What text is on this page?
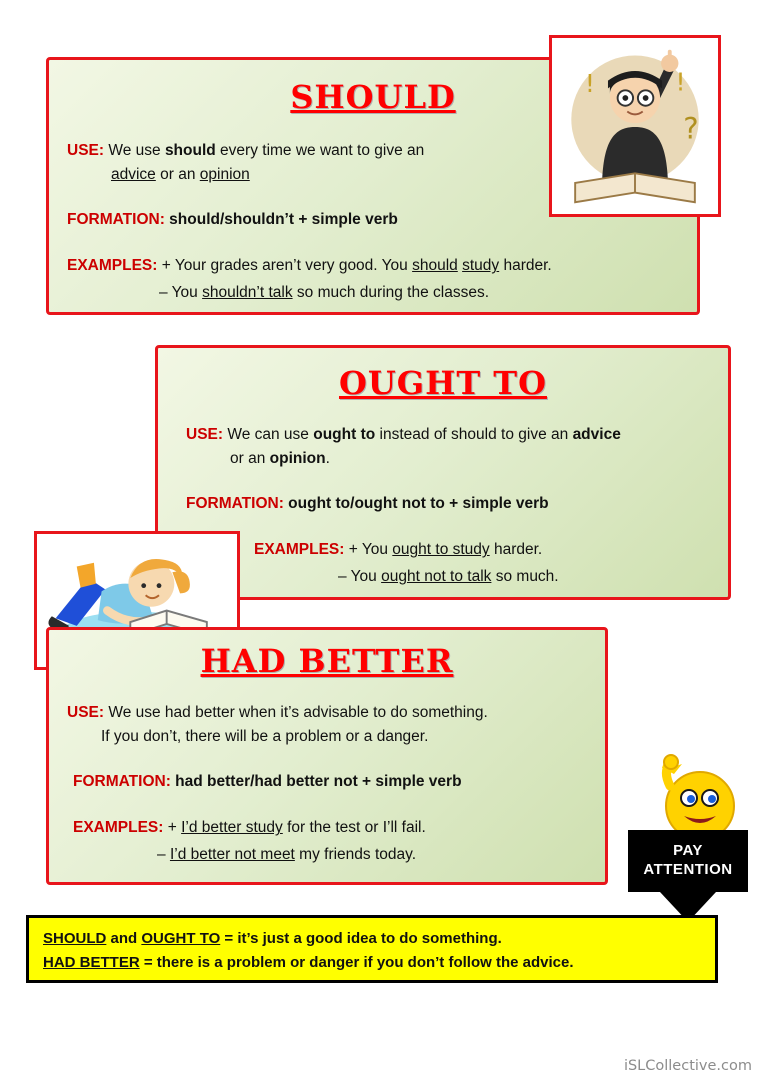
SHOULD
USE: We use should every time we want to give an
advice or an opinion
FORMATION: should/shouldn’t + simple verb
EXAMPLES: + Your grades aren’t very good. You should study harder.
– You shouldn’t talk so much during the classes.
!	!
?
OUGHT TO
USE: We can use ought to instead of should to give an advice
or an opinion.
FORMATION: ought to/ought not to + simple verb
EXAMPLES: + You ought to study harder.
– You ought not to talk so much.
HAD BETTER
USE: We use had better when it’s advisable to do something.
If you don’t, there will be a problem or a danger.
FORMATION: had better/had better not + simple verb
EXAMPLES: + I’d better study for the test or I’ll fail.
– I’d better not meet my friends today.	PAY
ATTENTION
SHOULD and OUGHT TO = it’s just a good idea to do something.
HAD BETTER = there is a problem or danger if you don’t follow the advice.
iSLCollective.com
